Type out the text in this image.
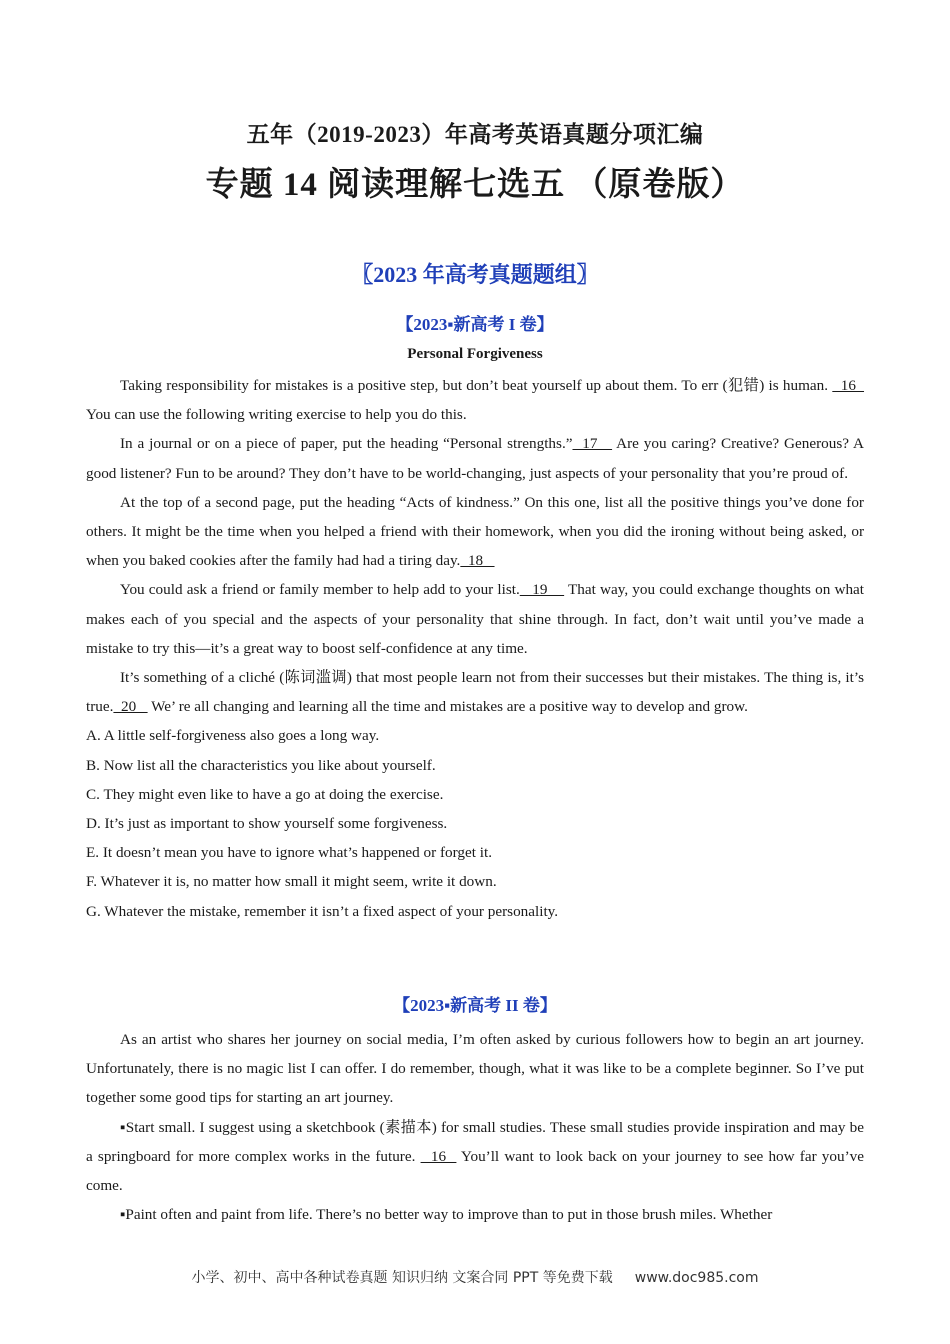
五年（2019-2023）年高考英语真题分项汇编
专题 14 阅读理解七选五 （原卷版）
〖2023 年高考真题题组〗
【2023▪新高考 I 卷】
Personal Forgiveness

Taking responsibility for mistakes is a positive step, but don’t beat yourself up about them. To err (犯错) is human.   16   You can use the following writing exercise to help you do this.

In a journal or on a piece of paper, put the heading “Personal strengths.”  17    Are you caring? Creative? Generous? A good listener? Fun to be around? They don’t have to be world-changing, just aspects of your personality that you’re proud of.

At the top of a second page, put the heading “Acts of kindness.” On this one, list all the positive things you’ve done for others. It might be the time when you helped a friend with their homework, when you did the ironing without being asked, or when you baked cookies after the family had had a tiring day.  18

You could ask a friend or family member to help add to your list.   19     That way, you could exchange thoughts on what makes each of you special and the aspects of your personality that shine through. In fact, don’t wait until you’ve made a mistake to try this—it’s a great way to boost self-confidence at any time.

It’s something of a cliché (陈词滥调) that most people learn not from their successes but their mistakes. The thing is, it’s true.  20    We’ re all changing and learning all the time and mistakes are a positive way to develop and grow.

A. A little self-forgiveness also goes a long way.

B. Now list all the characteristics you like about yourself.

C. They might even like to have a go at doing the exercise.

D. It’s just as important to show yourself some forgiveness.

E. It doesn’t mean you have to ignore what’s happened or forget it.

F. Whatever it is, no matter how small it might seem, write it down.

G. Whatever the mistake, remember it isn’t a fixed aspect of your personality.

【2023▪新高考 II 卷】

As an artist who shares her journey on social media, I’m often asked by curious followers how to begin an art journey. Unfortunately, there is no magic list I can offer. I do remember, though, what it was like to be a complete beginner. So I’ve put together some good tips for starting an art journey.

▪Start small. I suggest using a sketchbook (素描本) for small studies. These small studies provide inspiration and may be a springboard for more complex works in the future.   16   You’ll want to look back on your journey to see how far you’ve come.

▪Paint often and paint from life. There’s no better way to improve than to put in those brush miles. Whether

小学、初中、高中各种试卷真题 知识归纳 文案合同 PPT 等免费下载 www.doc985.com
